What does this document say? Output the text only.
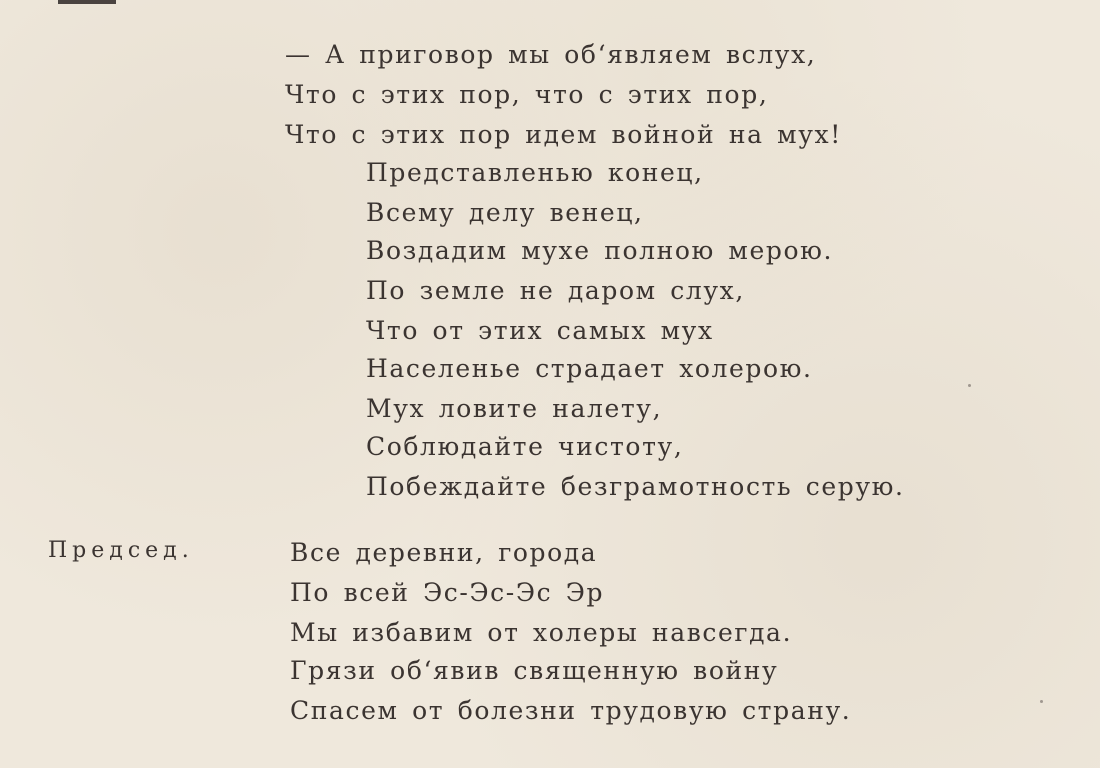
— А приговор мы об‘являем вслух,
Что с этих пор, что с этих пор,
Что с этих пор идем войной на мух!
Представленью конец,
Всему делу венец,
Воздадим мухе полною мерою.
По земле не даром слух,
Что от этих самых мух
Населенье страдает холерою.
Мух ловите налету,
Соблюдайте чистоту,
Побеждайте безграмотность серую.
Председ.	Все деревни, города
По всей Эс-Эс-Эс Эр
Мы избавим от холеры навсегда.
Грязи об‘явив священную войну
Спасем от болезни трудовую страну.
